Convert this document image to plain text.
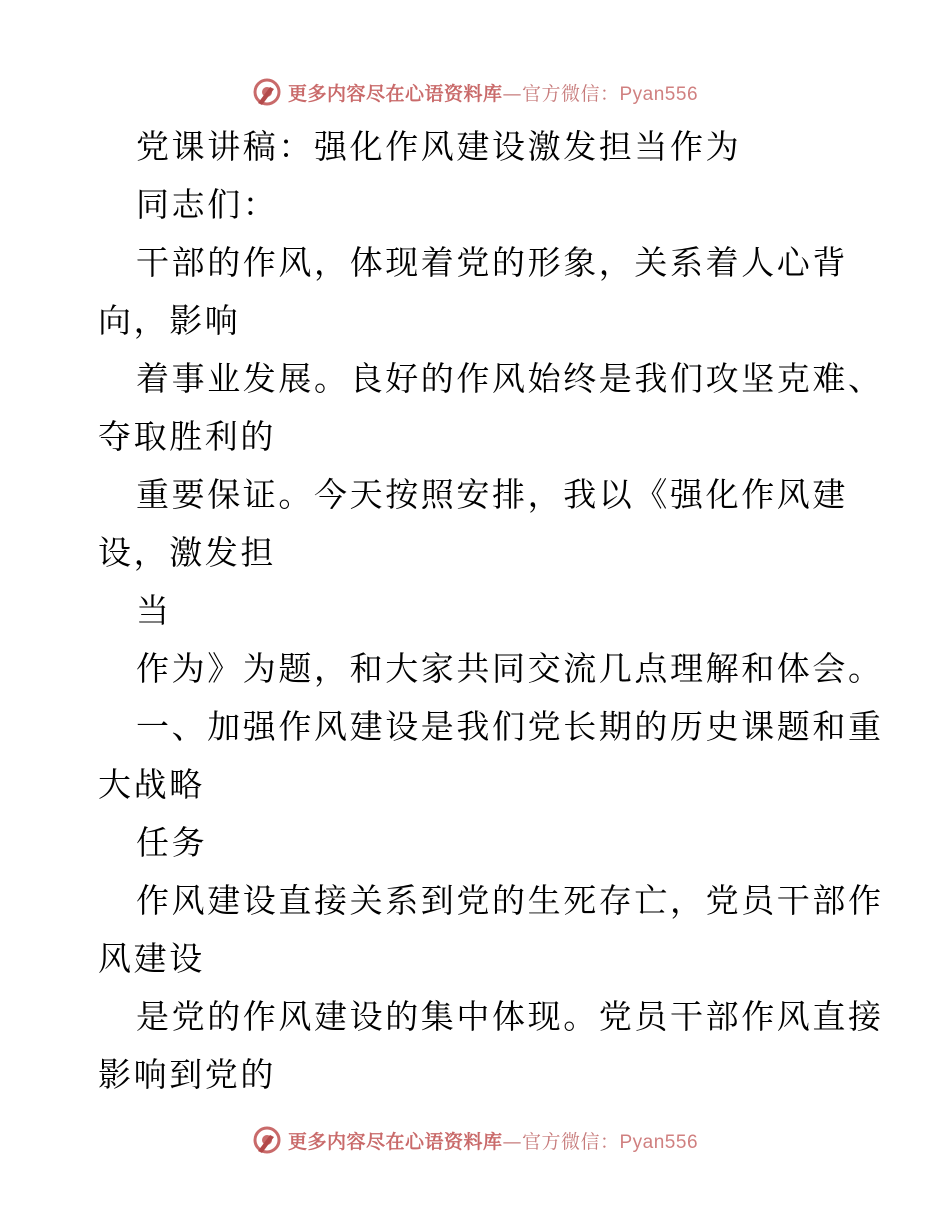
更多内容尽在心语资料库—官方微信：Pyan556
党课讲稿：强化作风建设激发担当作为
同志们：
干部的作风，体现着党的形象，关系着人心背
向，影响
着事业发展。良好的作风始终是我们攻坚克难、
夺取胜利的
重要保证。今天按照安排，我以《强化作风建
设，激发担
当
作为》为题，和大家共同交流几点理解和体会。
一、加强作风建设是我们党长期的历史课题和重
大战略
任务
作风建设直接关系到党的生死存亡，党员干部作
风建设
是党的作风建设的集中体现。党员干部作风直接
影响到党的
更多内容尽在心语资料库—官方微信：Pyan556
